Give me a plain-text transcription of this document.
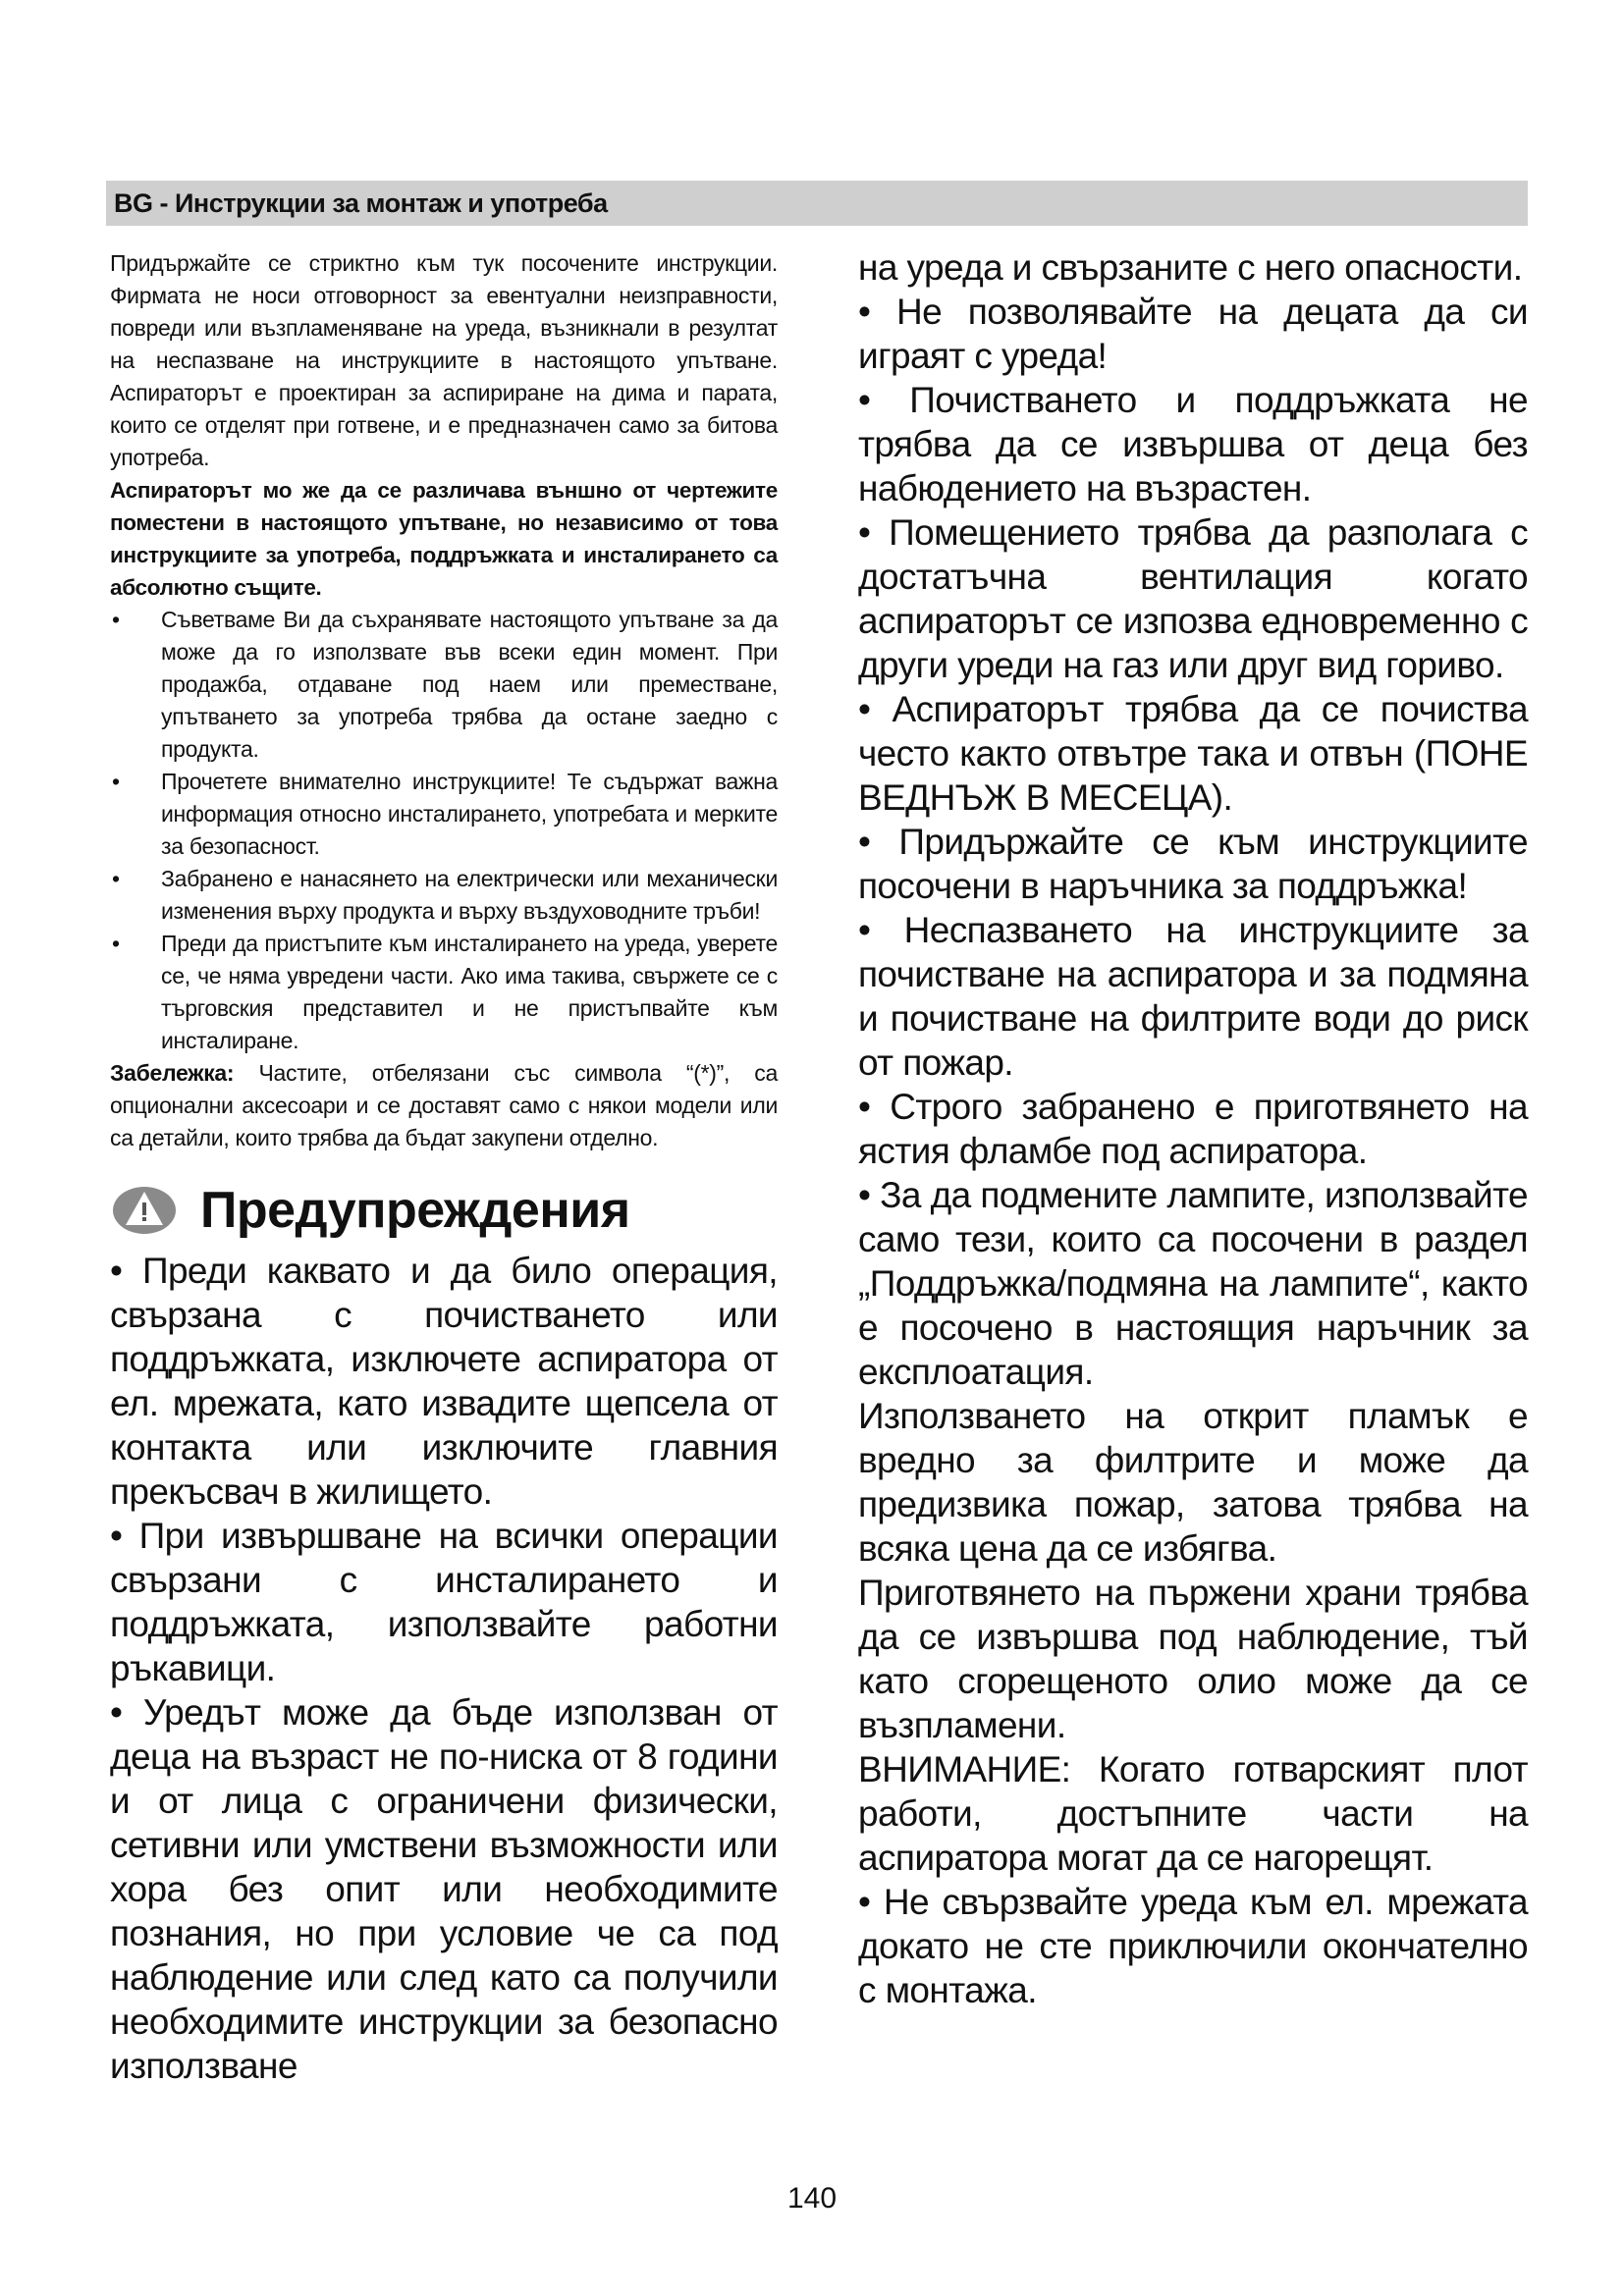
BG - Инструкции за монтаж и употреба

Придържайте се стриктно към тук посочените инструкции. Фирмата не носи отговорност за евентуални неизправности, повреди или възпламеняване на уреда, възникнали в резултат на неспазване на инструкциите в настоящото упътване. Аспираторът е проектиран за аспириране на дима и парата, които се отделят при готвене, и е предназначен само за битова употреба.

Аспираторът мо же да се различава външно от чертежите поместени в настоящото упътване, но независимо от това инструкциите за употреба, поддръжката и инсталирането са абсолютно същите.

• Съветваме Ви да съхранявате настоящото упътване за да може да го използвате във всеки един момент. При продажба, отдаване под наем или преместване, упътването за употреба трябва да остане заедно с продукта.
• Прочетете внимателно инструкциите! Те съдържат важна информация относно инсталирането, употребата и мерките за безопасност.
• Забранено е нанасянето на електрически или механически изменения върху продукта и върху въздуховодните тръби!
• Преди да пристъпите към инсталирането на уреда, уверете се, че няма увредени части. Ако има такива, свържете се с търговския представител и не пристъпвайте към инсталиране.

Забележка: Частите, отбелязани със символа “(*)”, са опционални аксесоари и се доставят само с някои модели или са детайли, които трябва да бъдат закупени отделно.

Предупреждения

• Преди каквато и да било операция, свързана с почистването или поддръжката, изключете аспиратора от ел. мрежата, като извадите щепсела от контакта или изключите главния прекъсвач в жилището.

• При извършване на всички операции свързани с инсталирането и поддръжката, използвайте работни ръкавици.

• Уредът може да бъде използван от деца на възраст не по-ниска от 8 години и от лица с ограничени физически, сетивни или умствени възможности или хора без опит или необходимите познания, но при условие че са под наблюдение или след като са получили необходимите инструкции за безопасно използване

на уреда и свързаните с него опасности.

• Не позволявайте на децата да си играят с уреда!

• Почистването и поддръжката не трябва да се извършва от деца без набюдението на възрастен.

• Помещението трябва да разполага с достатъчна вентилация когато аспираторът се изпозва едновременно с други уреди на газ или друг вид гориво.

• Аспираторът трябва да се почиства често както отвътре така и отвън (ПОНЕ ВЕДНЪЖ В МЕСЕЦА).

• Придържайте се към инструкциите посочени в наръчника за поддръжка!

• Неспазването на инструкциите за почистване на аспиратора и за подмяна и почистване на филтрите води до риск от пожар.

• Строго забранено е приготвянето на ястия фламбе под аспиратора.

• За да подмените лампите, използвайте само тези, които са посочени в раздел „Поддръжка/подмяна на лампите“, както е посочено в настоящия наръчник за експлоатация.

Използването на открит пламък е вредно за филтрите и може да предизвика пожар, затова трябва на всяка цена да се избягва.

Приготвянето на пържени храни трябва да се извършва под наблюдение, тъй като сгорещеното олио може да се възпламени.

ВНИМАНИЕ: Когато готварският плот работи, достъпните части на аспиратора могат да се нагорещят.

• Не свързвайте уреда към ел. мрежата докато не сте приключили окончателно с монтажа.

140
